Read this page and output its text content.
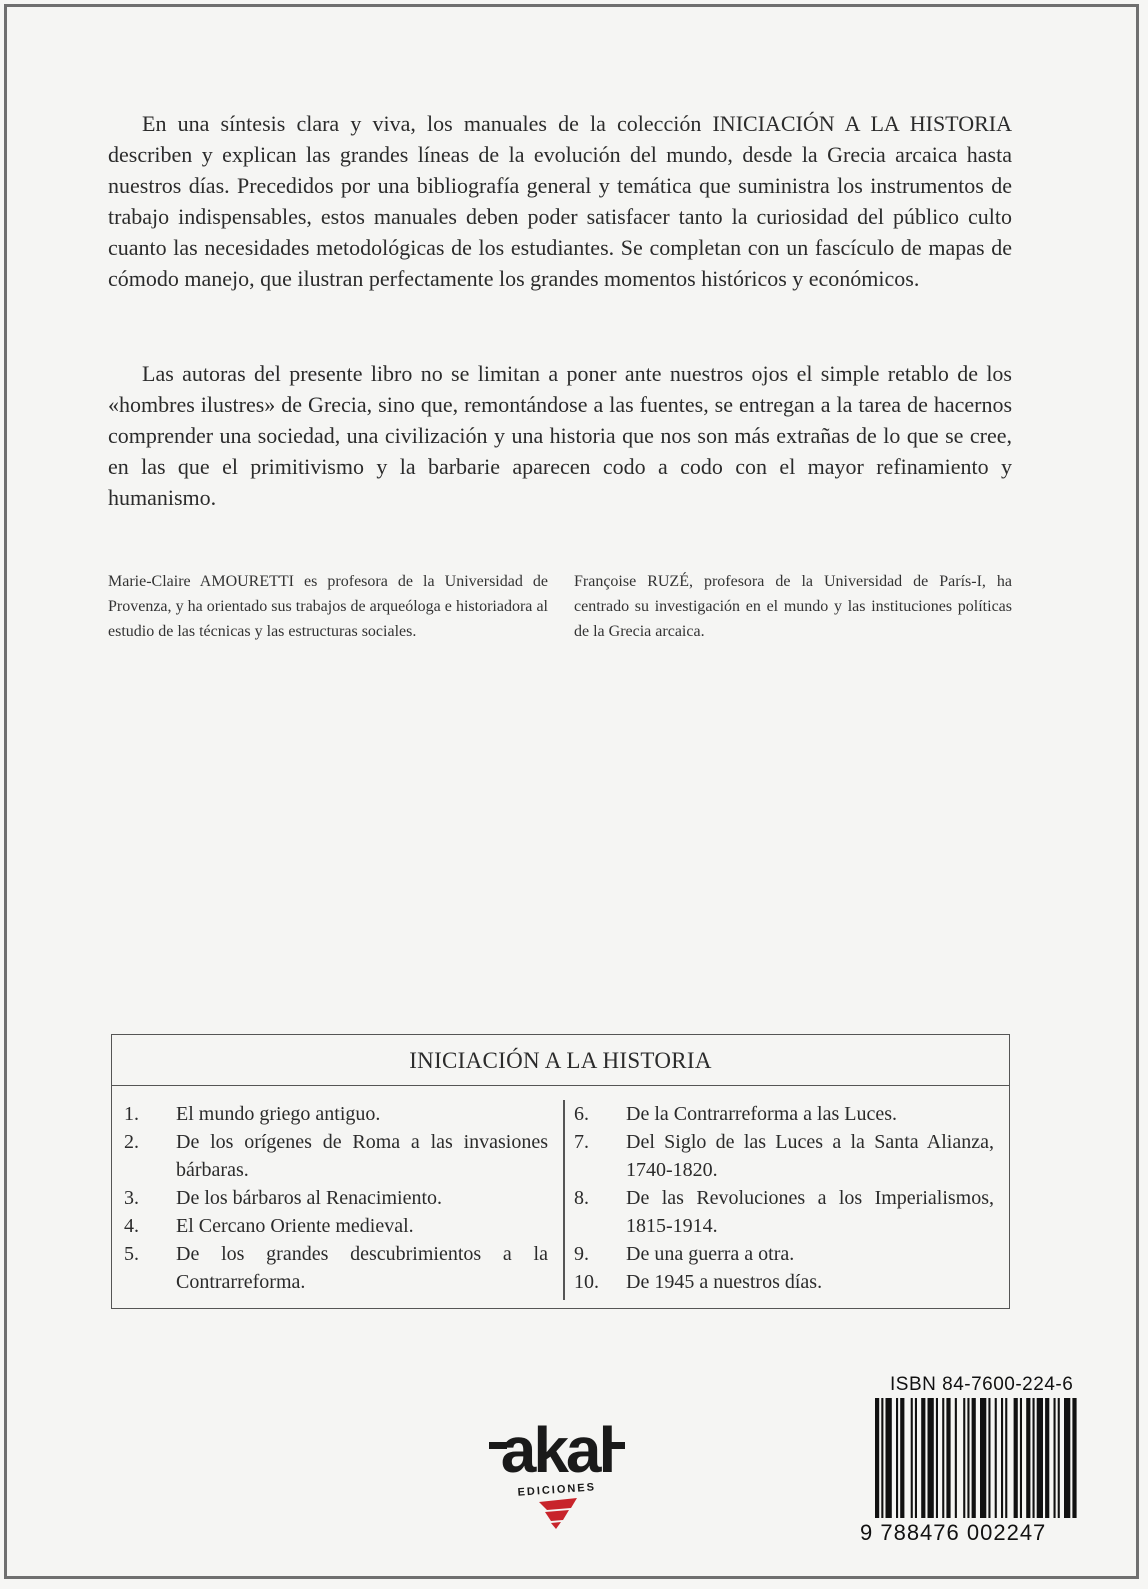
En una síntesis clara y viva, los manuales de la colección INICIACIÓN A LA HISTORIA describen y explican las grandes líneas de la evolución del mundo, desde la Grecia arcaica hasta nuestros días. Precedidos por una bibliografía general y temática que suministra los instrumentos de trabajo indispensables, estos manuales deben poder satisfacer tanto la curiosidad del público culto cuanto las necesidades metodológicas de los estudiantes. Se completan con un fascículo de mapas de cómodo manejo, que ilustran perfectamente los grandes momentos históricos y económicos.

Las autoras del presente libro no se limitan a poner ante nuestros ojos el simple retablo de los «hombres ilustres» de Grecia, sino que, remontándose a las fuentes, se entregan a la tarea de hacernos comprender una sociedad, una civilización y una historia que nos son más extrañas de lo que se cree, en las que el primitivismo y la barbarie aparecen codo a codo con el mayor refinamiento y humanismo.

Marie-Claire AMOURETTI es profesora de la Universidad de Provenza, y ha orientado sus trabajos de arqueóloga e historiadora al estudio de las técnicas y las estructuras sociales.

Françoise RUZÉ, profesora de la Universidad de París-I, ha centrado su investigación en el mundo y las instituciones políticas de la Grecia arcaica.

INICIACIÓN A LA HISTORIA
1.	El mundo griego antiguo.
2.	De los orígenes de Roma a las invasiones bárbaras.
3.	De los bárbaros al Renacimiento.
4.	El Cercano Oriente medieval.
5.	De los grandes descubrimientos a la Contrarreforma.
6.	De la Contrarreforma a las Luces.
7.	Del Siglo de las Luces a la Santa Alianza, 1740-1820.
8.	De las Revoluciones a los Imperialismos, 1815-1914.
9.	De una guerra a otra.
10.	De 1945 a nuestros días.
akal
EDICIONES
ISBN 84-7600-224-6
9 788476 002247
